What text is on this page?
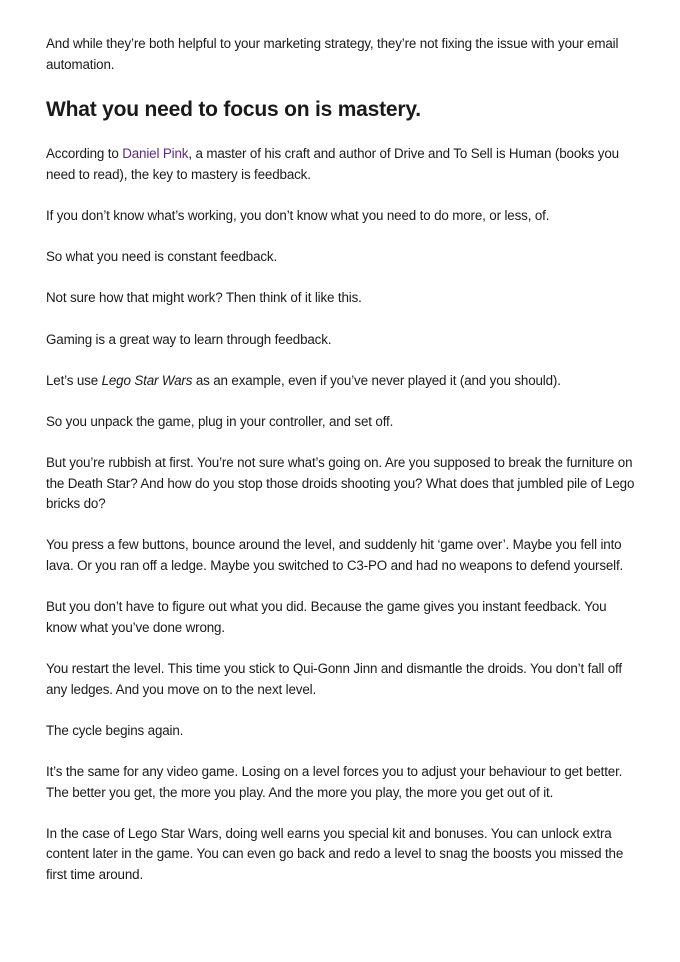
And while they’re both helpful to your marketing strategy, they’re not fixing the issue with your email automation.

What you need to focus on is mastery.

According to Daniel Pink, a master of his craft and author of Drive and To Sell is Human (books you need to read), the key to mastery is feedback.

If you don’t know what’s working, you don’t know what you need to do more, or less, of.

So what you need is constant feedback.

Not sure how that might work? Then think of it like this.

Gaming is a great way to learn through feedback.

Let’s use Lego Star Wars as an example, even if you’ve never played it (and you should).

So you unpack the game, plug in your controller, and set off.

But you’re rubbish at first. You’re not sure what’s going on. Are you supposed to break the furniture on the Death Star? And how do you stop those droids shooting you? What does that jumbled pile of Lego bricks do?

You press a few buttons, bounce around the level, and suddenly hit ‘game over’. Maybe you fell into lava. Or you ran off a ledge. Maybe you switched to C3-PO and had no weapons to defend yourself.

But you don’t have to figure out what you did. Because the game gives you instant feedback. You know what you’ve done wrong.

You restart the level. This time you stick to Qui-Gonn Jinn and dismantle the droids. You don’t fall off any ledges. And you move on to the next level.

The cycle begins again.

It’s the same for any video game. Losing on a level forces you to adjust your behaviour to get better. The better you get, the more you play. And the more you play, the more you get out of it.

In the case of Lego Star Wars, doing well earns you special kit and bonuses. You can unlock extra content later in the game. You can even go back and redo a level to snag the boosts you missed the first time around.
